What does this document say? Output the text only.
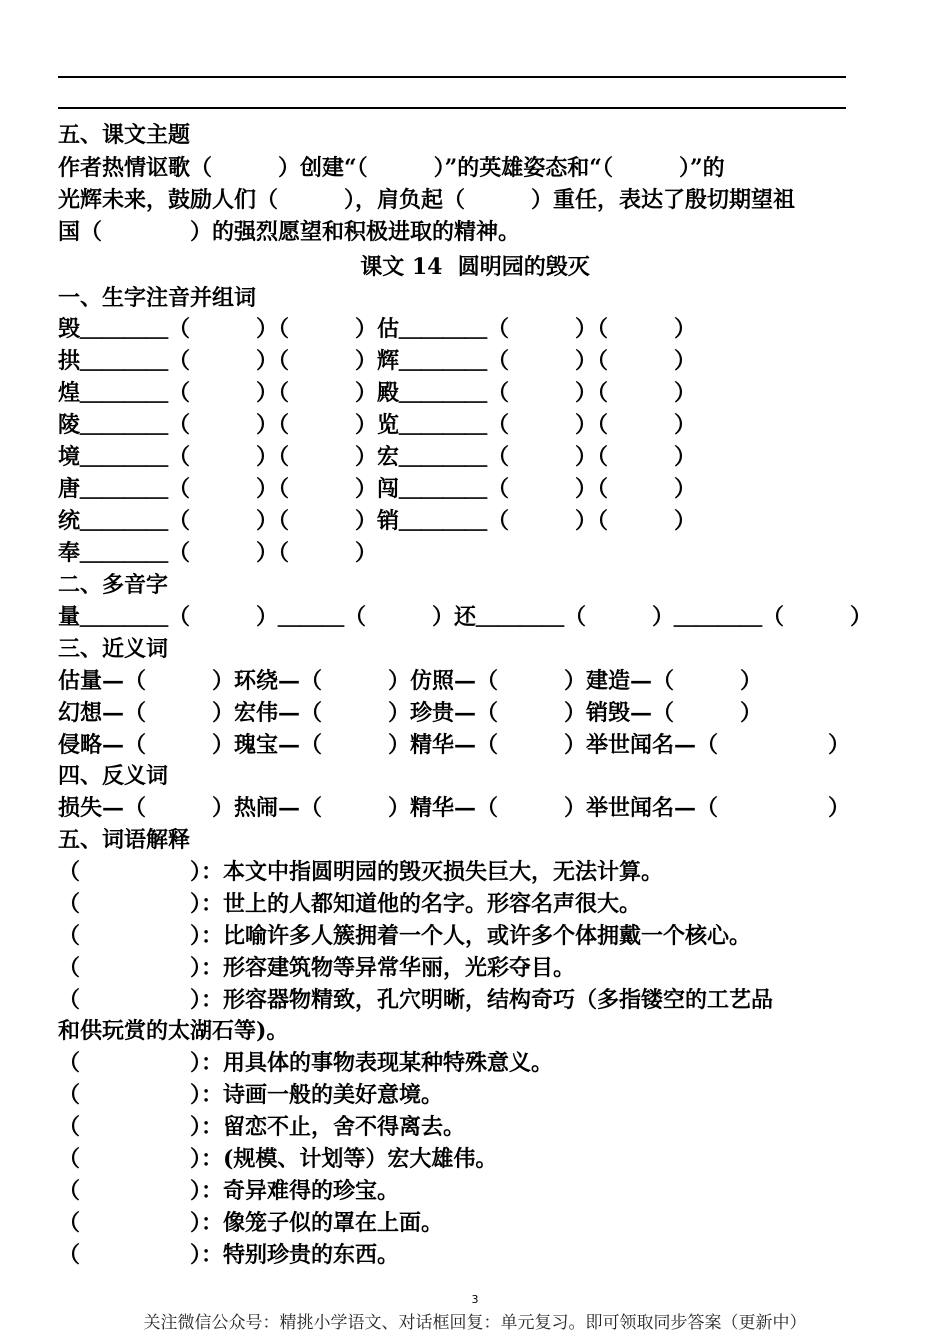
五、课文主题
作者热情讴歌（　　　）创建“（　　　）”的英雄姿态和“（　　　）”的
光辉未来，鼓励人们（　　　），肩负起（　　　）重任，表达了殷切期望祖
国（　　　　）的强烈愿望和积极进取的精神。
课文 14  圆明园的毁灭
一、生字注音并组词
毁＿＿＿＿（　　　）（　　　）估＿＿＿＿（　　　）（　　　）
拱＿＿＿＿（　　　）（　　　）辉＿＿＿＿（　　　）（　　　）
煌＿＿＿＿（　　　）（　　　）殿＿＿＿＿（　　　）（　　　）
陵＿＿＿＿（　　　）（　　　）览＿＿＿＿（　　　）（　　　）
境＿＿＿＿（　　　）（　　　）宏＿＿＿＿（　　　）（　　　）
唐＿＿＿＿（　　　）（　　　）闯＿＿＿＿（　　　）（　　　）
统＿＿＿＿（　　　）（　　　）销＿＿＿＿（　　　）（　　　）
奉＿＿＿＿（　　　）（　　　）
二、多音字
量＿＿＿＿（　　　）＿＿＿（　　　）还＿＿＿＿（　　　）＿＿＿＿（　　　）
三、近义词
估量—（　　　）环绕—（　　　）仿照—（　　　）建造—（　　　）
幻想—（　　　）宏伟—（　　　）珍贵—（　　　）销毁—（　　　）
侵略—（　　　）瑰宝—（　　　）精华—（　　　）举世闻名—（　　　　　）
四、反义词
损失—（　　　）热闹—（　　　）精华—（　　　）举世闻名—（　　　　　）
五、词语解释
（　　　　　）：本文中指圆明园的毁灭损失巨大，无法计算。
（　　　　　）：世上的人都知道他的名字。形容名声很大。
（　　　　　）：比喻许多人簇拥着一个人，或许多个体拥戴一个核心。
（　　　　　）：形容建筑物等异常华丽，光彩夺目。
（　　　　　）：形容器物精致，孔穴明晰，结构奇巧（多指镂空的工艺品
和供玩赏的太湖石等)。
（　　　　　）：用具体的事物表现某种特殊意义。
（　　　　　）：诗画一般的美好意境。
（　　　　　）：留恋不止，舍不得离去。
（　　　　　）：(规模、计划等）宏大雄伟。
（　　　　　）：奇异难得的珍宝。
（　　　　　）：像笼子似的罩在上面。
（　　　　　）：特别珍贵的东西。
3
关注微信公众号：精挑小学语文、对话框回复：单元复习。即可领取同步答案（更新中）
